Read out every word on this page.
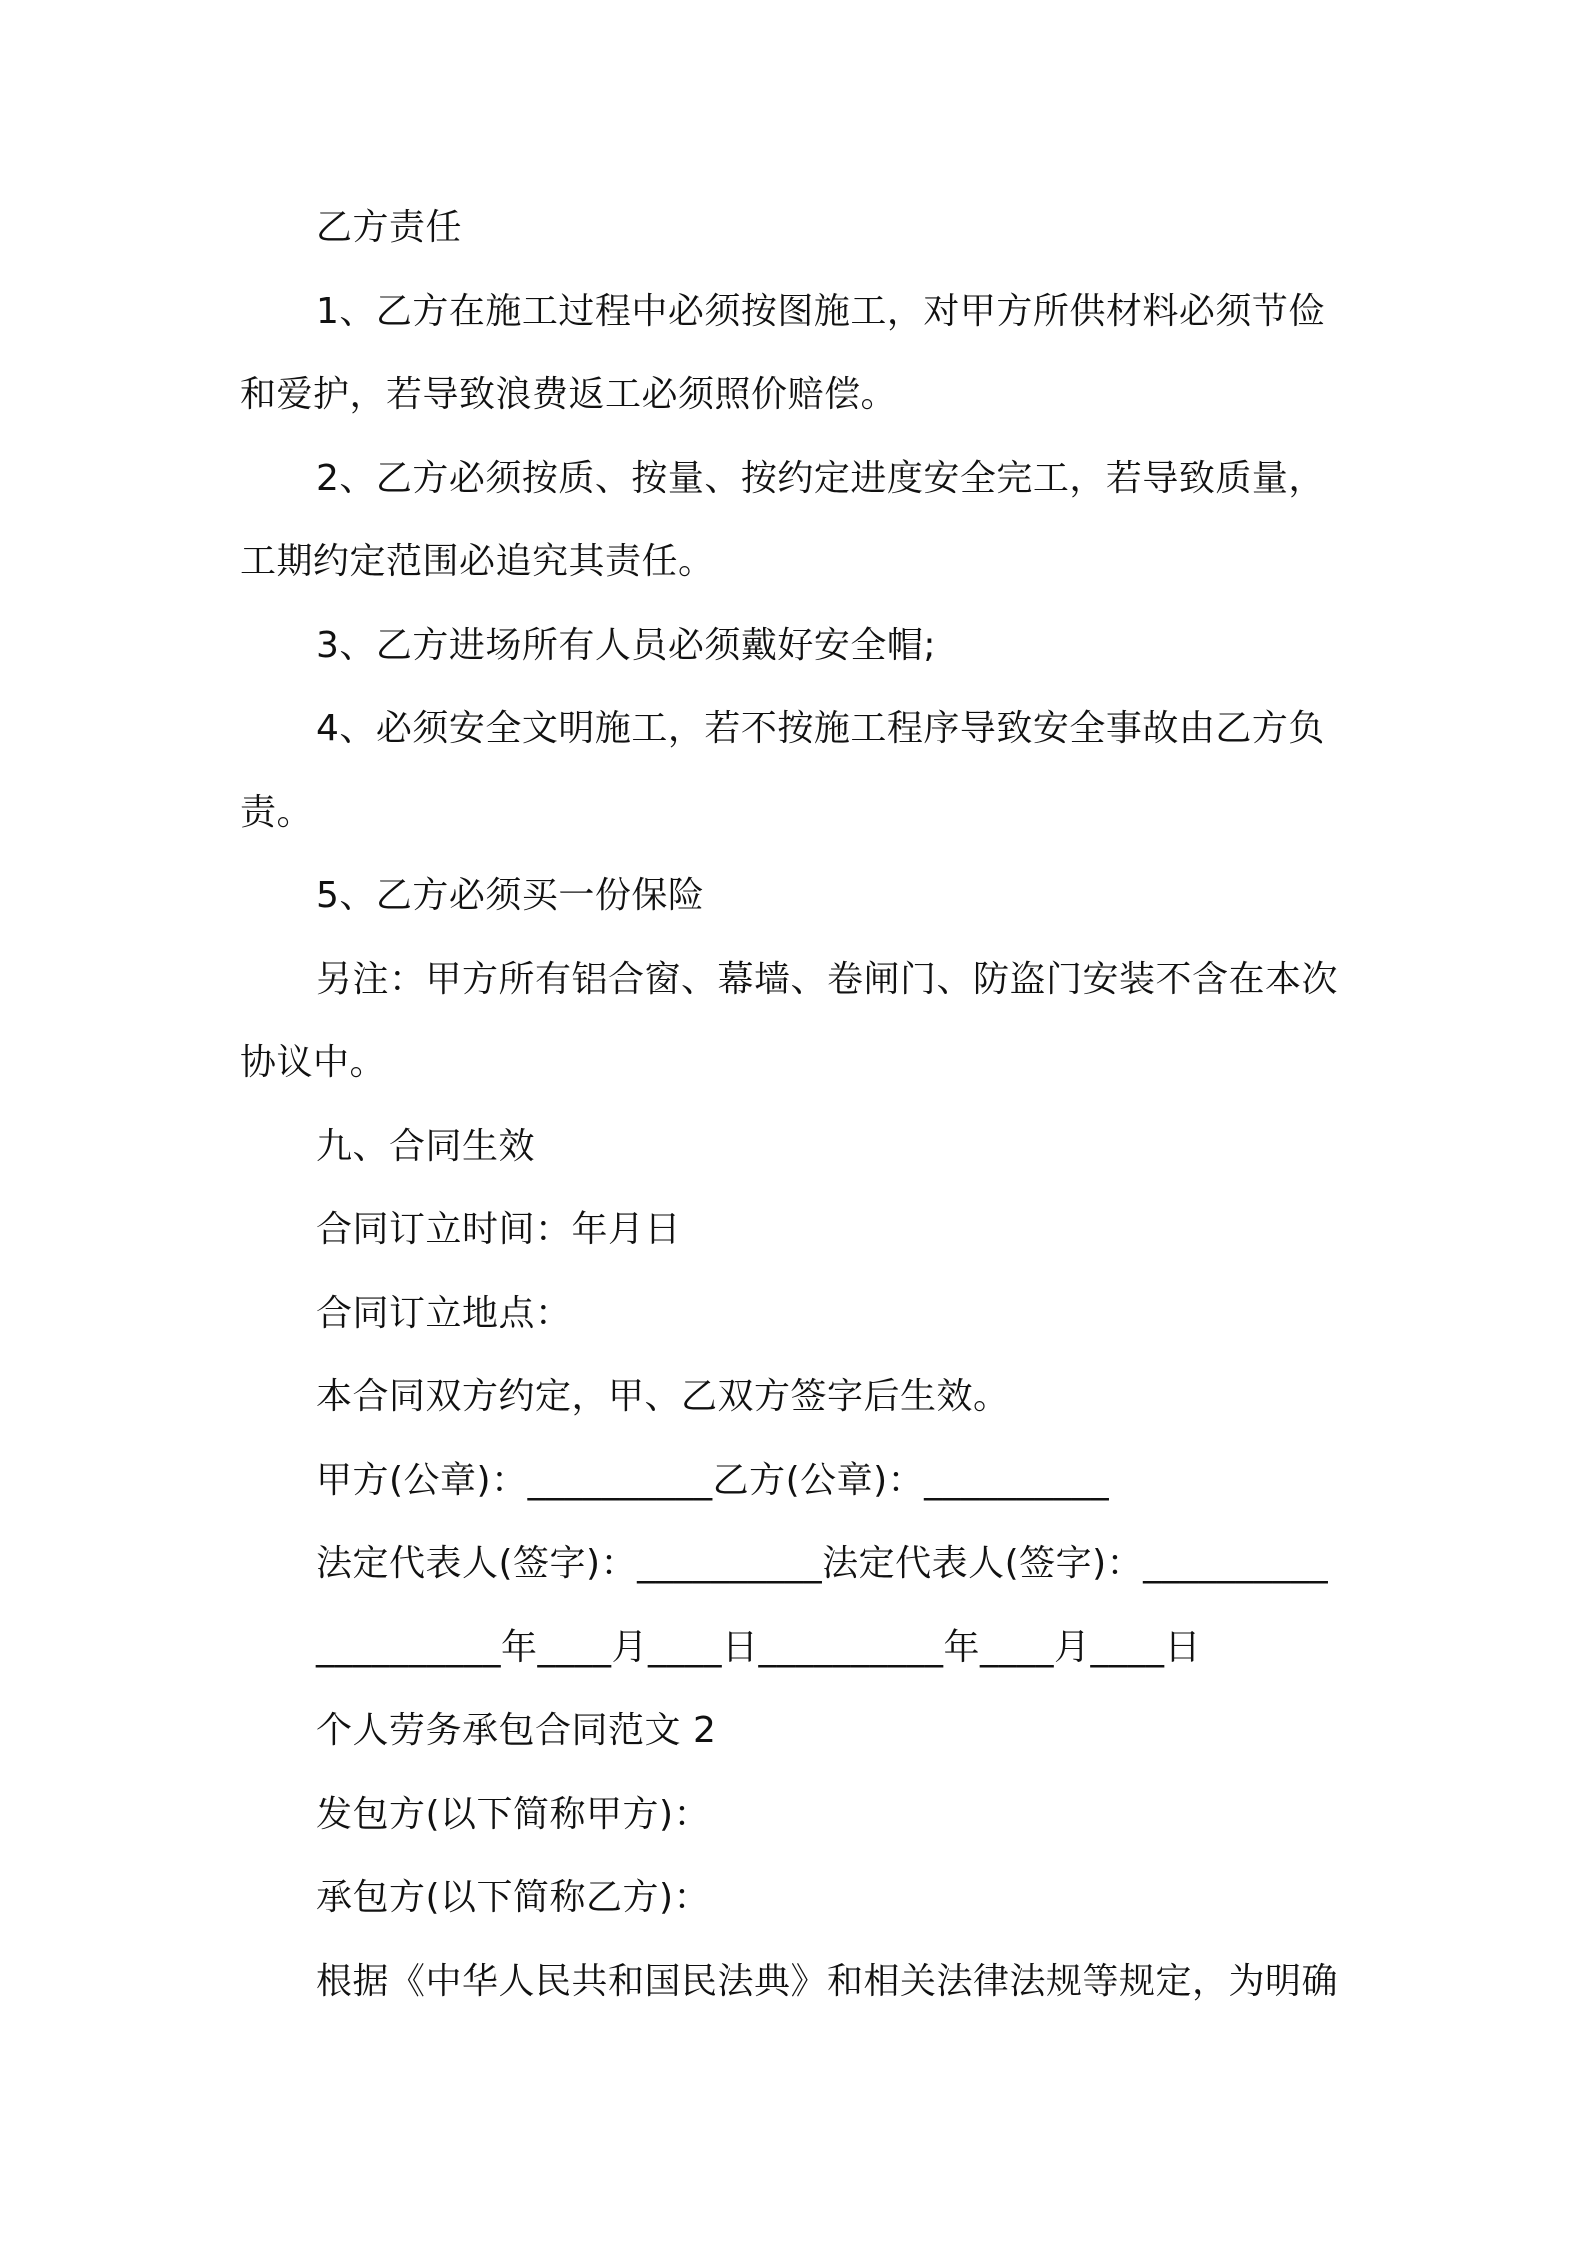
乙方责任
1、乙方在施工过程中必须按图施工，对甲方所供材料必须节俭
和爱护，若导致浪费返工必须照价赔偿。
2、乙方必须按质、按量、按约定进度安全完工，若导致质量，
工期约定范围必追究其责任。
3、乙方进场所有人员必须戴好安全帽;
4、必须安全文明施工，若不按施工程序导致安全事故由乙方负
责。
5、乙方必须买一份保险
另注：甲方所有铝合窗、幕墙、卷闸门、防盗门安装不含在本次
协议中。
九、合同生效
合同订立时间：年月日
合同订立地点：
本合同双方约定，甲、乙双方签字后生效。
甲方(公章)：__________乙方(公章)：__________
法定代表人(签字)：__________法定代表人(签字)：__________
__________年____月____日__________年____月____日
个人劳务承包合同范文 2
发包方(以下简称甲方)：
承包方(以下简称乙方)：
根据《中华人民共和国民法典》和相关法律法规等规定，为明确
